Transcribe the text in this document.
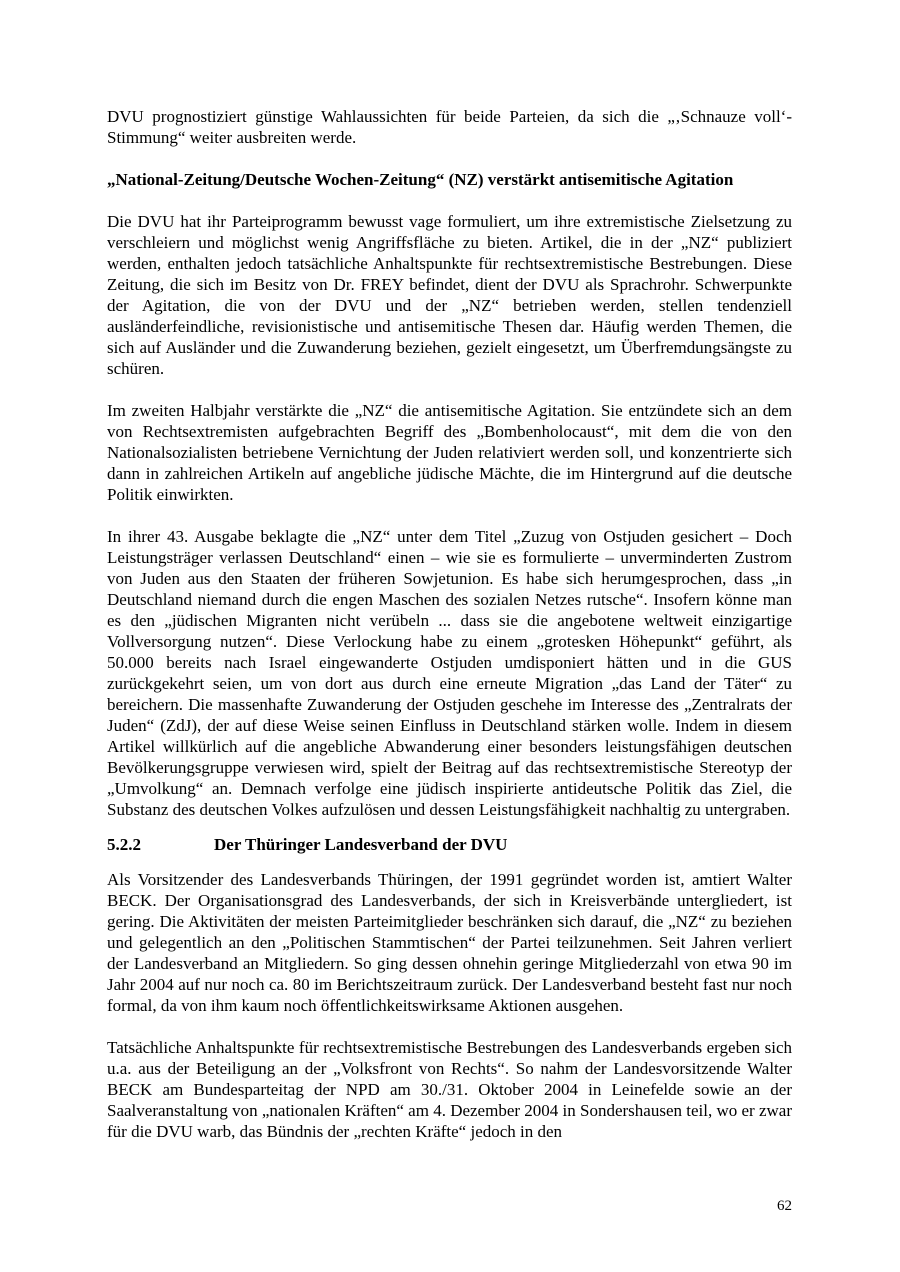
DVU prognostiziert günstige Wahlaussichten für beide Parteien, da sich die „‚Schnauze voll‘-Stimmung“ weiter ausbreiten werde.

„National-Zeitung/Deutsche Wochen-Zeitung“ (NZ) verstärkt antisemitische Agitation

Die DVU hat ihr Parteiprogramm bewusst vage formuliert, um ihre extremistische Zielsetzung zu verschleiern und möglichst wenig Angriffsfläche zu bieten. Artikel, die in der „NZ“ publiziert werden, enthalten jedoch tatsächliche Anhaltspunkte für rechtsextremistische Bestrebungen. Diese Zeitung, die sich im Besitz von Dr. FREY befindet, dient der DVU als Sprachrohr. Schwerpunkte der Agitation, die von der DVU und der „NZ“ betrieben werden, stellen tendenziell ausländerfeindliche, revisionistische und antisemitische Thesen dar. Häufig werden Themen, die sich auf Ausländer und die Zuwanderung beziehen, gezielt eingesetzt, um Überfremdungsängste zu schüren.

Im zweiten Halbjahr verstärkte die „NZ“ die antisemitische Agitation. Sie entzündete sich an dem von Rechtsextremisten aufgebrachten Begriff des „Bombenholocaust“, mit dem die von den Nationalsozialisten betriebene Vernichtung der Juden relativiert werden soll, und konzentrierte sich dann in zahlreichen Artikeln auf angebliche jüdische Mächte, die im Hintergrund auf die deutsche Politik einwirkten.

In ihrer 43. Ausgabe beklagte die „NZ“ unter dem Titel „Zuzug von Ostjuden gesichert – Doch Leistungsträger verlassen Deutschland“ einen – wie sie es formulierte – unverminderten Zustrom von Juden aus den Staaten der früheren Sowjetunion. Es habe sich herumgesprochen, dass „in Deutschland niemand durch die engen Maschen des sozialen Netzes rutsche“. Insofern könne man es den „jüdischen Migranten nicht verübeln ... dass sie die angebotene weltweit einzigartige Vollversorgung nutzen“. Diese Verlockung habe zu einem „grotesken Höhepunkt“ geführt, als 50.000 bereits nach Israel eingewanderte Ostjuden umdisponiert hätten und in die GUS zurückgekehrt seien, um von dort aus durch eine erneute Migration „das Land der Täter“ zu bereichern. Die massenhafte Zuwanderung der Ostjuden geschehe im Interesse des „Zentralrats der Juden“ (ZdJ), der auf diese Weise seinen Einfluss in Deutschland stärken wolle. Indem in diesem Artikel willkürlich auf die angebliche Abwanderung einer besonders leistungsfähigen deutschen Bevölkerungsgruppe verwiesen wird, spielt der Beitrag auf das rechtsextremistische Stereotyp der „Umvolkung“ an. Demnach verfolge eine jüdisch inspirierte antideutsche Politik das Ziel, die Substanz des deutschen Volkes aufzulösen und dessen Leistungsfähigkeit nachhaltig zu untergraben.

5.2.2	Der Thüringer Landesverband der DVU

Als Vorsitzender des Landesverbands Thüringen, der 1991 gegründet worden ist, amtiert Walter BECK. Der Organisationsgrad des Landesverbands, der sich in Kreisverbände untergliedert, ist gering. Die Aktivitäten der meisten Parteimitglieder beschränken sich darauf, die „NZ“ zu beziehen und gelegentlich an den „Politischen Stammtischen“ der Partei teilzunehmen. Seit Jahren verliert der Landesverband an Mitgliedern. So ging dessen ohnehin geringe Mitgliederzahl von etwa 90 im Jahr 2004 auf nur noch ca. 80 im Berichtszeitraum zurück. Der Landesverband besteht fast nur noch formal, da von ihm kaum noch öffentlichkeitswirksame Aktionen ausgehen.

Tatsächliche Anhaltspunkte für rechtsextremistische Bestrebungen des Landesverbands ergeben sich u.a. aus der Beteiligung an der „Volksfront von Rechts“. So nahm der Landesvorsitzende Walter BECK am Bundesparteitag der NPD am 30./31. Oktober 2004 in Leinefelde sowie an der Saalveranstaltung von „nationalen Kräften“ am 4. Dezember 2004 in Sondershausen teil, wo er zwar für die DVU warb, das Bündnis der „rechten Kräfte“ jedoch in den

62
